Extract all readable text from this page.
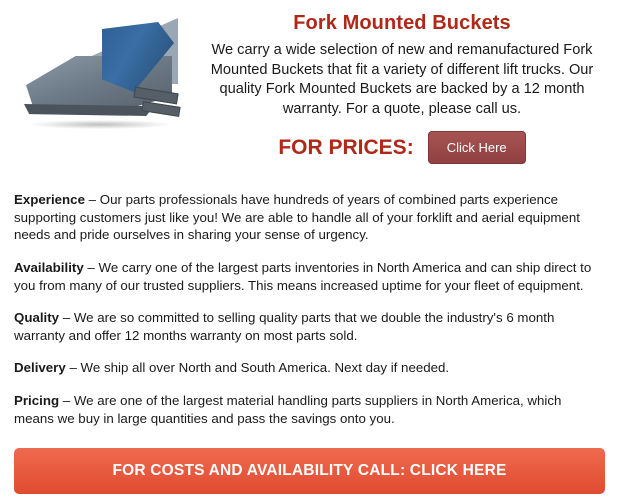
Fork Mounted Buckets
We carry a wide selection of new and remanufactured Fork Mounted Buckets that fit a variety of different lift trucks. Our quality Fork Mounted Buckets are backed by a 12 month warranty. For a quote, please call us.
FOR PRICES:	Click Here

Experience – Our parts professionals have hundreds of years of combined parts experience supporting customers just like you! We are able to handle all of your forklift and aerial equipment needs and pride ourselves in sharing your sense of urgency.

Availability – We carry one of the largest parts inventories in North America and can ship direct to you from many of our trusted suppliers. This means increased uptime for your fleet of equipment.

Quality – We are so committed to selling quality parts that we double the industry's 6 month warranty and offer 12 months warranty on most parts sold.

Delivery – We ship all over North and South America. Next day if needed.

Pricing – We are one of the largest material handling parts suppliers in North America, which means we buy in large quantities and pass the savings onto you.

FOR COSTS AND AVAILABILITY CALL: CLICK HERE
